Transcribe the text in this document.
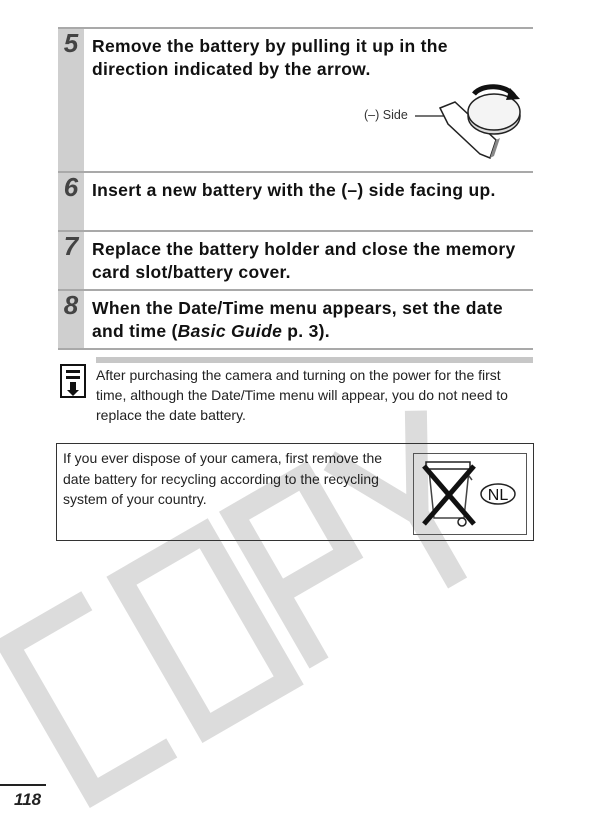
5 Remove the battery by pulling it up in the direction indicated by the arrow.
(–) Side
6 Insert a new battery with the (–) side facing up.
7 Replace the battery holder and close the memory card slot/battery cover.
8 When the Date/Time menu appears, set the date and time (Basic Guide p. 3).
After purchasing the camera and turning on the power for the first time, although the Date/Time menu will appear, you do not need to replace the date battery.
If you ever dispose of your camera, first remove the date battery for recycling according to the recycling system of your country.	NL
118
